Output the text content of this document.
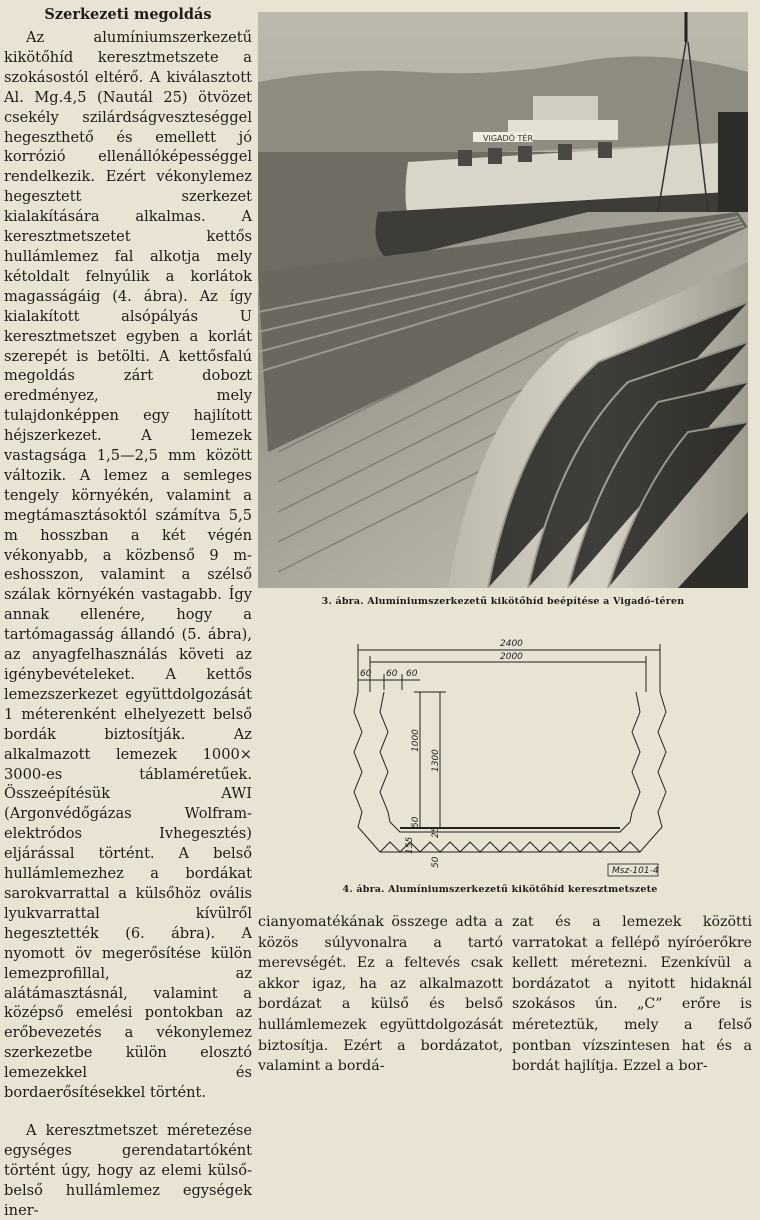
Szerkezeti megoldás

Az alumíniumszerkezetű kikötőhíd keresztmetszete a szokásostól eltérő. A kiválasztott Al. Mg.4,5 (Nautál 25) ötvözet csekély szilárdságveszteséggel hegeszthető és emellett jó korrózió ellenállóképességgel rendelkezik. Ezért vékonylemez hegesztett szerkezet kialakítására alkalmas. A keresztmetszetet kettős hullámlemez fal alkotja mely kétoldalt felnyúlik a korlátok magasságáig (4. ábra). Az így kialakított alsópályás U keresztmetszet egyben a korlát szerepét is betölti. A kettősfalú megoldás zárt dobozt eredményez, mely tulajdonképpen egy hajlított héjszerkezet. A lemezek vastagsága 1,5—2,5 mm között változik. A lemez a semleges tengely környékén, valamint a megtámasztásoktól számítva 5,5 m hosszban a két végén vékonyabb, a közbenső 9 m-eshosszon, valamint a szélső szálak környékén vastagabb. Így annak ellenére, hogy a tartómagasság állandó (5. ábra), az anyagfelhasználás követi az igénybevételeket. A kettős lemezszerkezet együttdolgozását 1 méterenként elhelyezett belső bordák biztosítják. Az alkalmazott lemezek 1000× 3000-es táblaméretűek. Összeépítésük AWI (Argonvédőgázas Wolfram-elektródos Ivhegesztés) eljárással történt. A belső hullámlemezhez a bordákat sarokvarrattal a külsőhöz ovális lyukvarrattal kívülről hegesztették (6. ábra). A nyomott öv megerősítése külön lemezprofillal, az alátámasztásnál, valamint a középső emelési pontokban az erőbevezetés a vékonylemez szerkezetbe külön elosztó lemezekkel és bordaerősítésekkel történt.

A keresztmetszet méretezése egységes gerendatartóként történt úgy, hogy az elemi külső-belső hullámlemez egységek iner-

VIGADÓ TÉR
3. ábra. Alumíniumszerkezetű kikötőhíd beépítése a Vigadó-téren
2400
2000
60 60 60
1000
1300
50
25
155
50
Msz-101-4
4. ábra. Alumíniumszerkezetű kikötőhíd keresztmetszete

cianyomatékának összege adta a közös súlyvonalra a tartó merevségét. Ez a feltevés csak akkor igaz, ha az alkalmazott bordázat a külső és belső hullámlemezek együttdolgozását biztosítja. Ezért a bordázatot, valamint a bordá-

zat és a lemezek közötti varratokat a fellépő nyíróerőkre kellett méretezni. Ezenkívül a bordázatot a nyitott hidaknál szokásos ún. „C” erőre is méreteztük, mely a felső pontban vízszintesen hat és a bordát hajlítja. Ezzel a bor-
